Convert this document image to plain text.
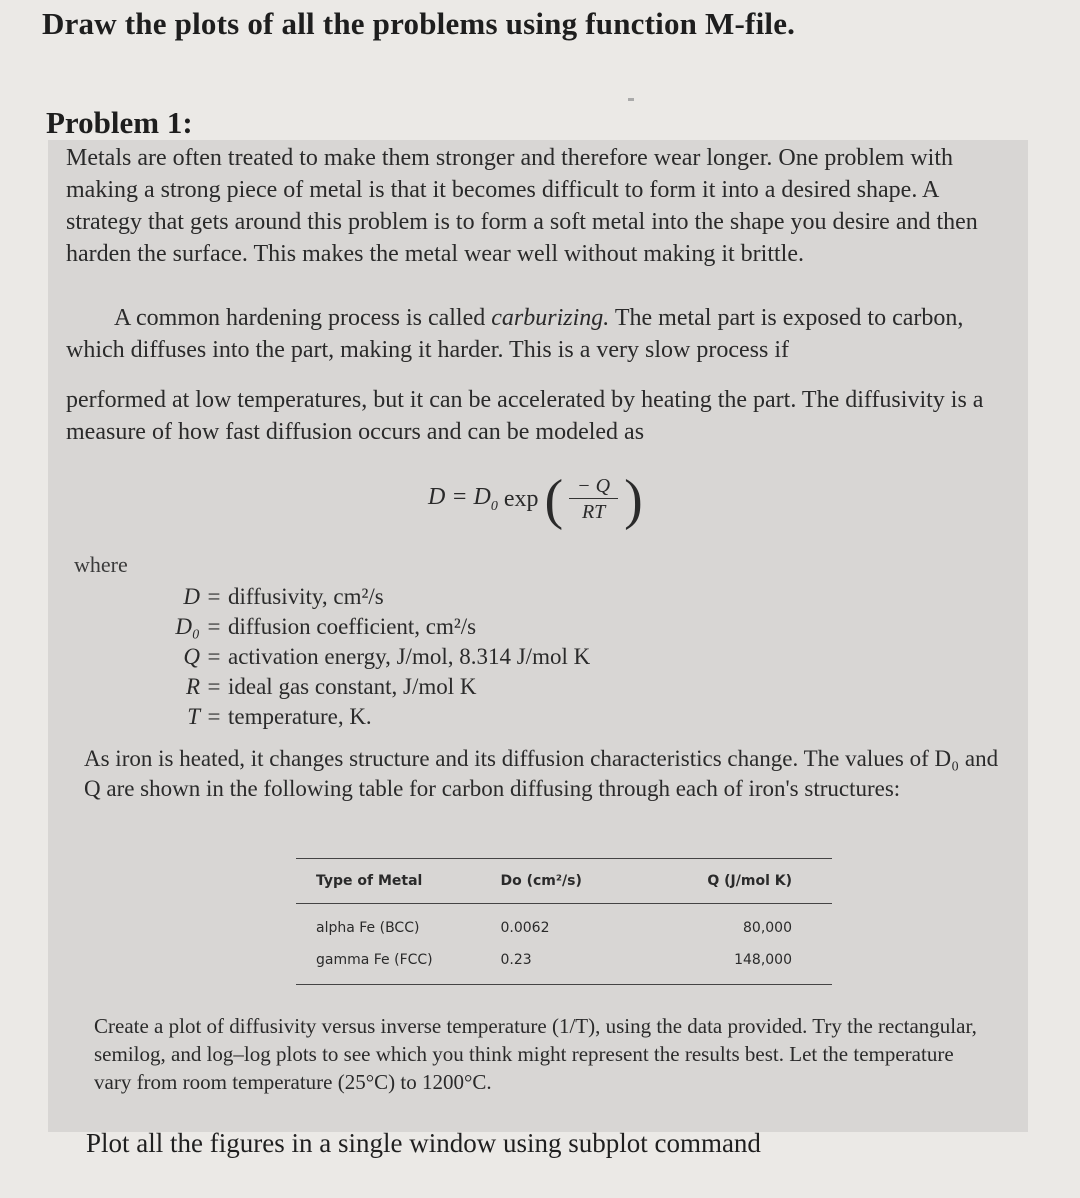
Draw the plots of all the problems using function M-file.
Problem 1:
Metals are often treated to make them stronger and therefore wear longer. One problem with making a strong piece of metal is that it becomes difficult to form it into a desired shape. A strategy that gets around this problem is to form a soft metal into the shape you desire and then harden the surface. This makes the metal wear well without making it brittle.
A common hardening process is called carburizing. The metal part is exposed to carbon, which diffuses into the part, making it harder. This is a very slow process if
performed at low temperatures, but it can be accelerated by heating the part. The diffusivity is a measure of how fast diffusion occurs and can be modeled as
$D = D_0$ exp ( $\frac{- Q}{RT}$ )
where
D = diffusivity, cm²/s
D₀ = diffusion coefficient, cm²/s
Q = activation energy, J/mol, 8.314 J/mol K
R = ideal gas constant, J/mol K
T = temperature, K.
As iron is heated, it changes structure and its diffusion characteristics change. The values of D₀ and Q are shown in the following table for carbon diffusing through each of iron's structures:
Type of Metal	Do (cm²/s)	Q (J/mol K)
alpha Fe (BCC)	0.0062	80,000
gamma Fe (FCC)	0.23	148,000
Create a plot of diffusivity versus inverse temperature (1/T), using the data provided. Try the rectangular, semilog, and log–log plots to see which you think might represent the results best. Let the temperature vary from room temperature (25°C) to 1200°C.
Plot all the figures in a single window using subplot command
